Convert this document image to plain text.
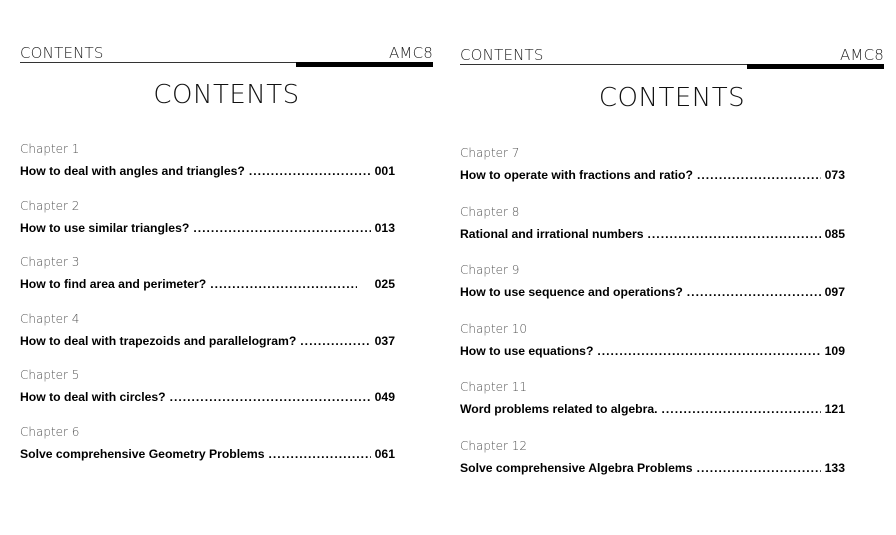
CONTENTS	AMC8
CONTENTS
Chapter 1
How to deal with angles and triangles? .....	001
Chapter 2
How to use similar triangles? .....	013
Chapter 3
How to find area and perimeter? .....	025
Chapter 4
How to deal with trapezoids and parallelogram? .....	037
Chapter 5
How to deal with circles? .....	049
Chapter 6
Solve comprehensive Geometry Problems .....	061
CONTENTS	AMC8
CONTENTS
Chapter 7
How to operate with fractions and ratio? .....	073
Chapter 8
Rational and irrational numbers .....	085
Chapter 9
How to use sequence and operations? .....	097
Chapter 10
How to use equations? .....	109
Chapter 11
Word problems related to algebra. .....	121
Chapter 12
Solve comprehensive Algebra Problems .....	133
